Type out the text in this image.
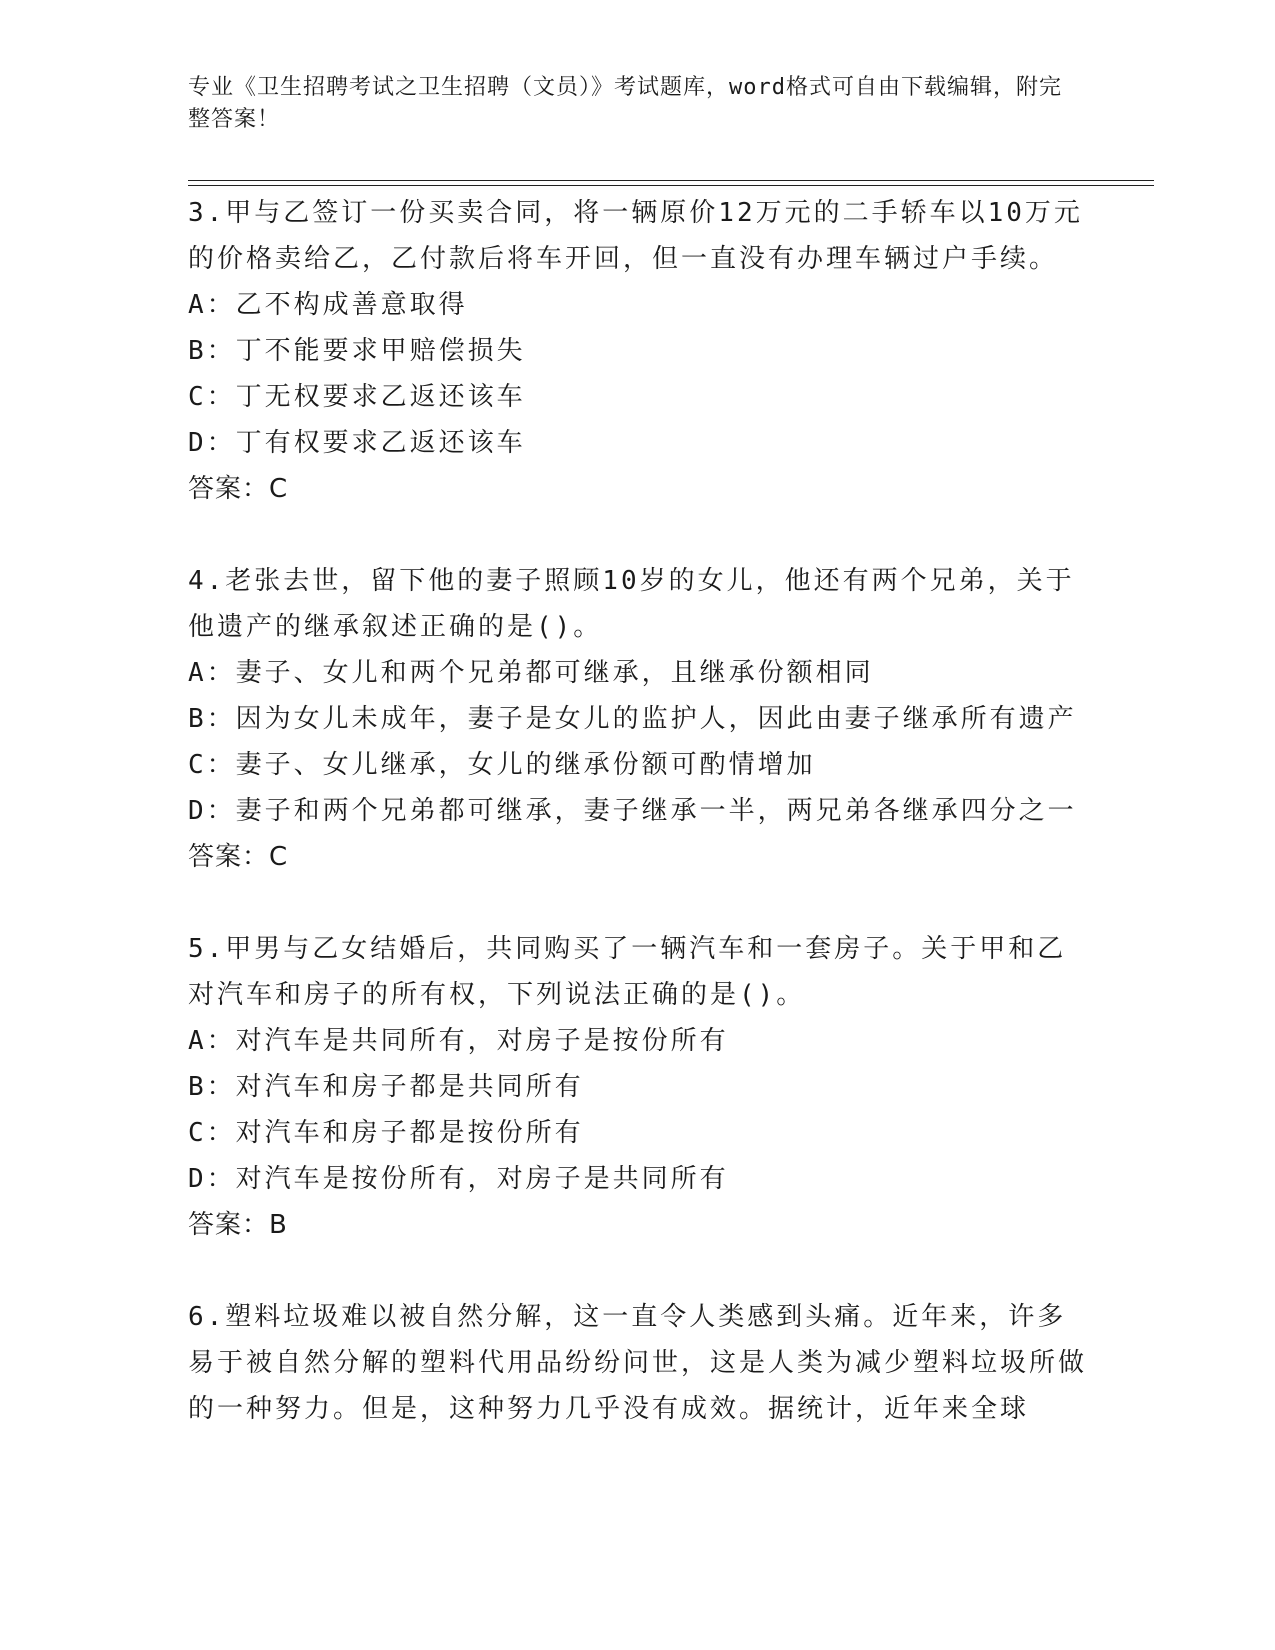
专业《卫生招聘考试之卫生招聘（文员）》考试题库，word格式可自由下载编辑，附完整答案！

3.甲与乙签订一份买卖合同，将一辆原价12万元的二手轿车以10万元的价格卖给乙，乙付款后将车开回，但一直没有办理车辆过户手续。

A：乙不构成善意取得

B：丁不能要求甲赔偿损失

C：丁无权要求乙返还该车

D：丁有权要求乙返还该车

答案：C

4.老张去世，留下他的妻子照顾10岁的女儿，他还有两个兄弟，关于他遗产的继承叙述正确的是()。

A：妻子、女儿和两个兄弟都可继承，且继承份额相同

B：因为女儿未成年，妻子是女儿的监护人，因此由妻子继承所有遗产

C：妻子、女儿继承，女儿的继承份额可酌情增加

D：妻子和两个兄弟都可继承，妻子继承一半，两兄弟各继承四分之一

答案：C

5.甲男与乙女结婚后，共同购买了一辆汽车和一套房子。关于甲和乙对汽车和房子的所有权，下列说法正确的是()。

A：对汽车是共同所有，对房子是按份所有

B：对汽车和房子都是共同所有

C：对汽车和房子都是按份所有

D：对汽车是按份所有，对房子是共同所有

答案：B

6.塑料垃圾难以被自然分解，这一直令人类感到头痛。近年来，许多易于被自然分解的塑料代用品纷纷问世，这是人类为减少塑料垃圾所做的一种努力。但是，这种努力几乎没有成效。据统计，近年来全球
